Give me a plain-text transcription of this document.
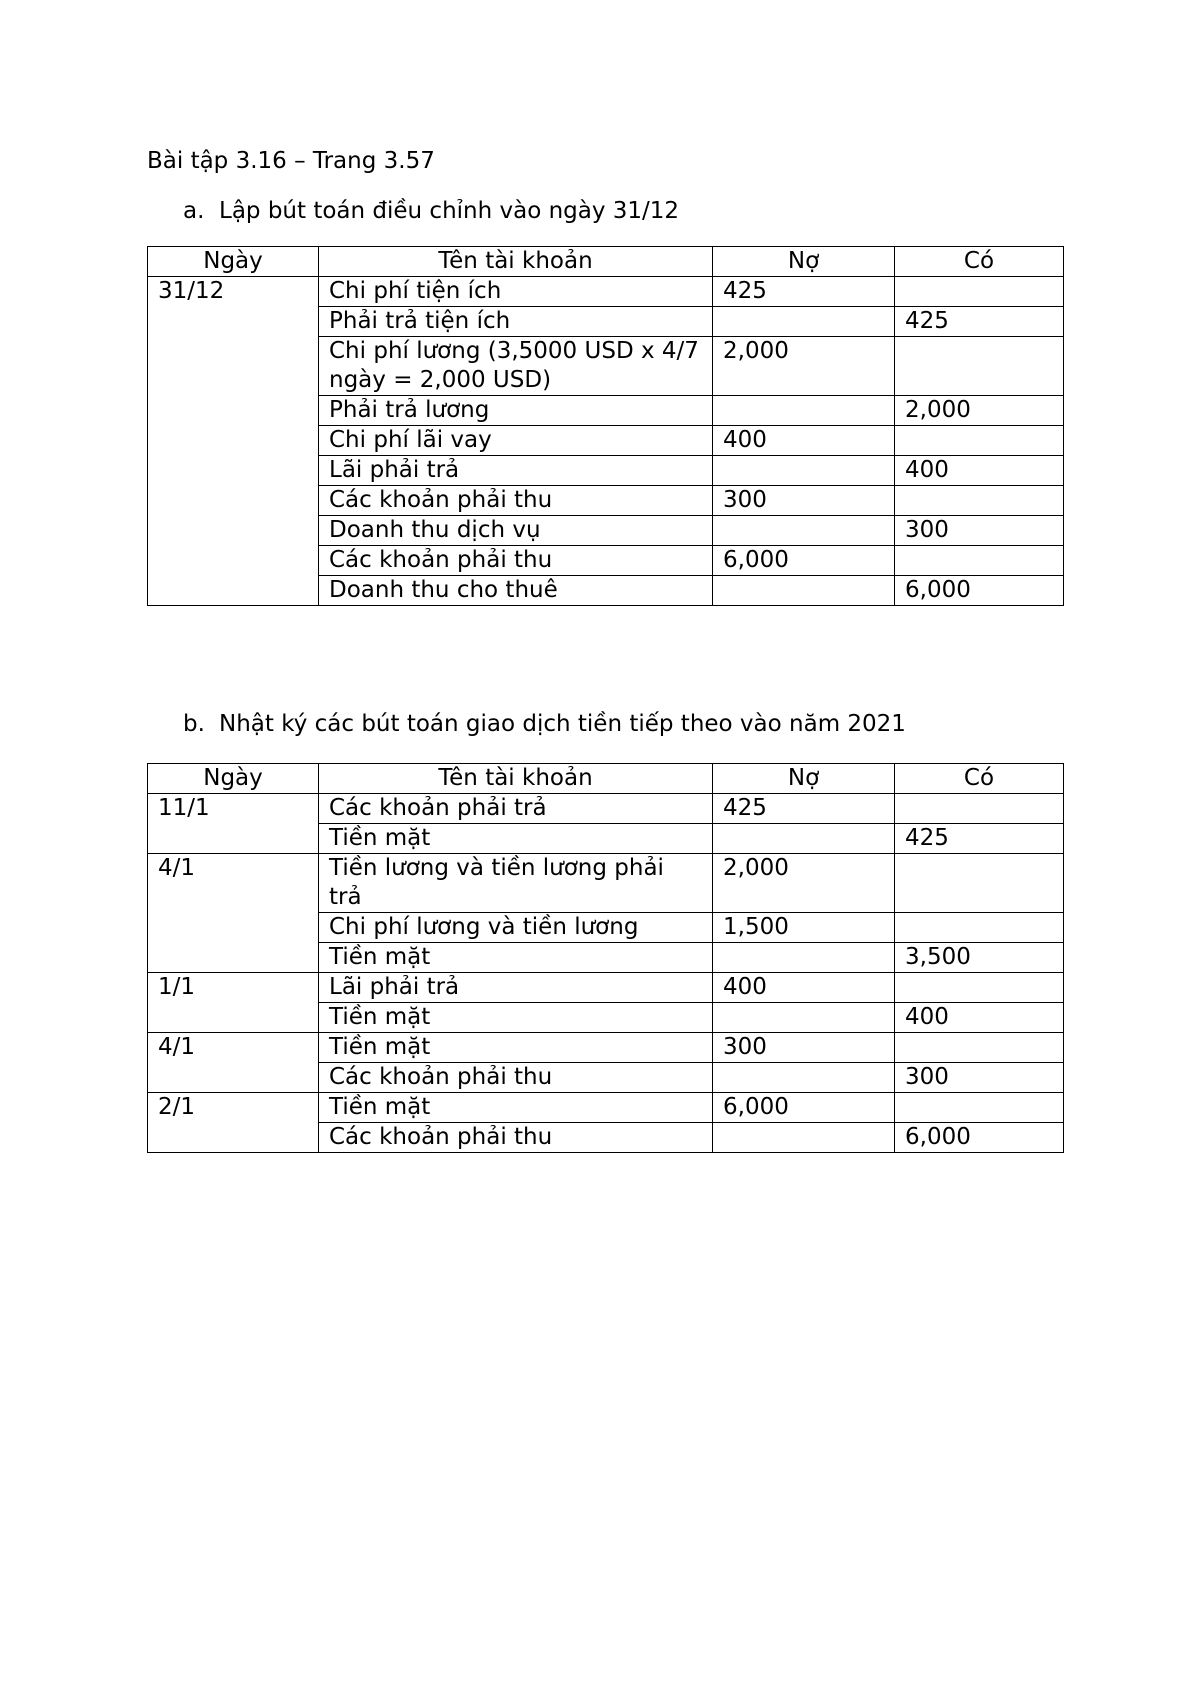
Bài tập 3.16 – Trang 3.57
a. Lập bút toán điều chỉnh vào ngày 31/12
Ngày	Tên tài khoản	Nợ	Có
31/12	Chi phí tiện ích	425	
	Phải trả tiện ích		425
	Chi phí lương (3,5000 USD x 4/7 ngày = 2,000 USD)	2,000	
	Phải trả lương		2,000
	Chi phí lãi vay	400	
	Lãi phải trả		400
	Các khoản phải thu	300	
	Doanh thu dịch vụ		300
	Các khoản phải thu	6,000	
	Doanh thu cho thuê		6,000
b. Nhật ký các bút toán giao dịch tiền tiếp theo vào năm 2021
Ngày	Tên tài khoản	Nợ	Có
11/1	Các khoản phải trả	425	
	Tiền mặt		425
4/1	Tiền lương và tiền lương phải trả	2,000	
	Chi phí lương và tiền lương	1,500	
	Tiền mặt		3,500
1/1	Lãi phải trả	400	
	Tiền mặt		400
4/1	Tiền mặt	300	
	Các khoản phải thu		300
2/1	Tiền mặt	6,000	
	Các khoản phải thu		6,000
